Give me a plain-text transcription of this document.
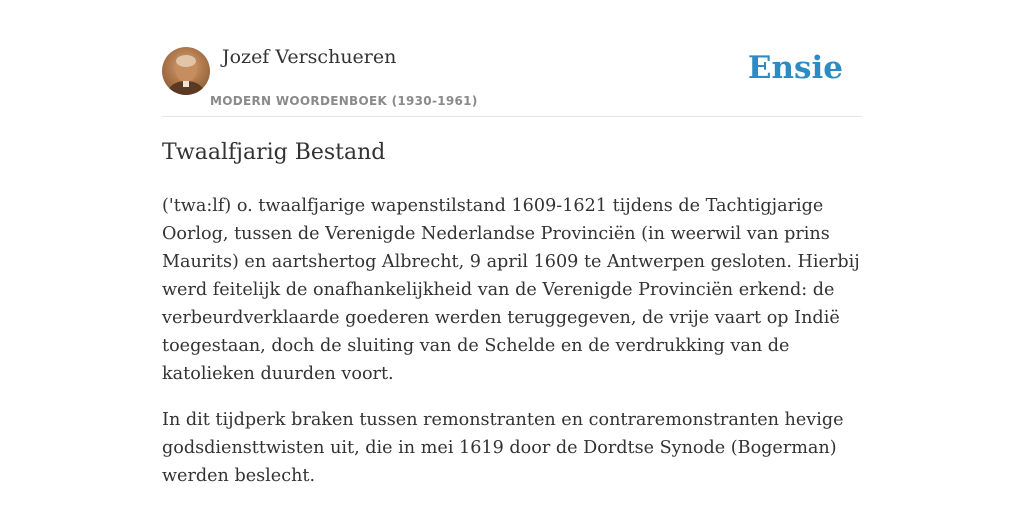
Jozef Verschueren
MODERN WOORDENBOEK (1930-1961)
Ensie
Twaalfjarig Bestand

('twa:lf) o. twaalfjarige wapenstilstand 1609-1621 tijdens de Tachtigjarige Oorlog, tussen de Verenigde Nederlandse Provinciën (in weerwil van prins Maurits) en aartshertog Albrecht, 9 april 1609 te Antwerpen gesloten. Hierbij werd feitelijk de onafhankelijkheid van de Verenigde Provinciën erkend: de verbeurdverklaarde goederen werden teruggegeven, de vrije vaart op Indië toegestaan, doch de sluiting van de Schelde en de verdrukking van de katolieken duurden voort.

In dit tijdperk braken tussen remonstranten en contraremonstranten hevige godsdiensttwisten uit, die in mei 1619 door de Dordtse Synode (Bogerman) werden beslecht.
